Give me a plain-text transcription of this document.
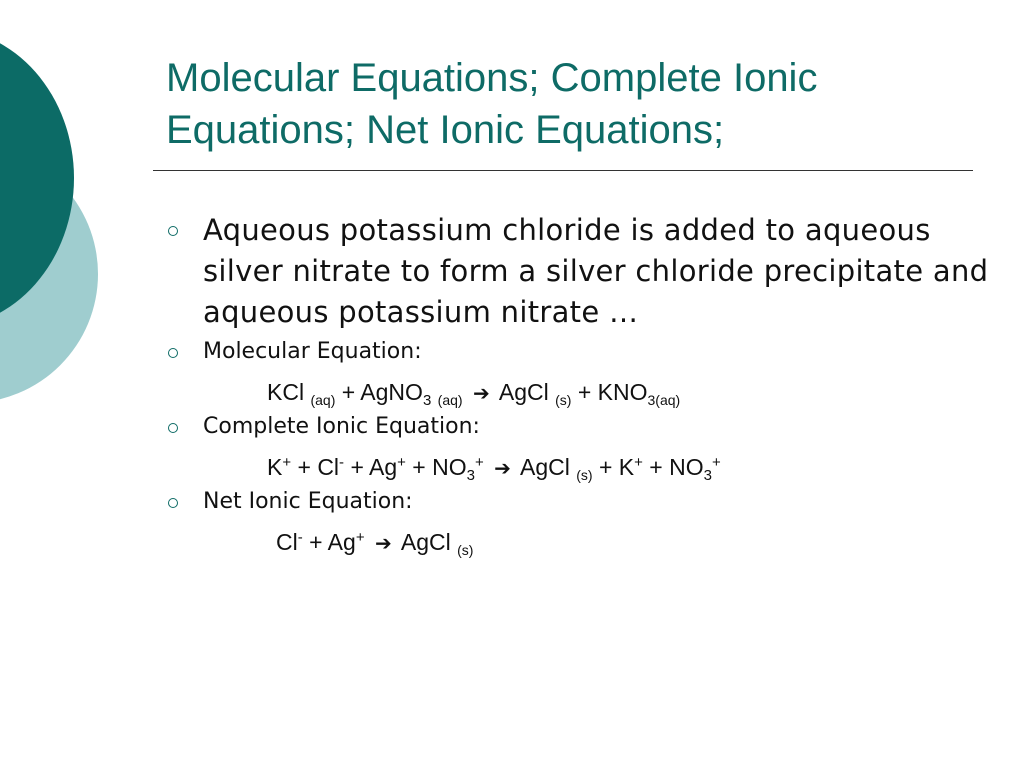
Molecular Equations; Complete Ionic Equations; Net Ionic Equations;
Aqueous potassium chloride is added to aqueous silver nitrate to form a silver chloride precipitate and aqueous potassium nitrate …
Molecular Equation:
KCl $_{(aq)}$ + AgNO$_3$ $_{(aq)}$ ➔ AgCl $_{(s)} + KNO_{3(aq)}$
Complete Ionic Equation:
$K^+ + Cl^- + Ag^+ + NO_3^+$ ➔ AgCl $_{(s)} + K^+ + NO_3^+$
Net Ionic Equation:
Cl- + Ag+ ➔ AgCl $_{(s)}$
